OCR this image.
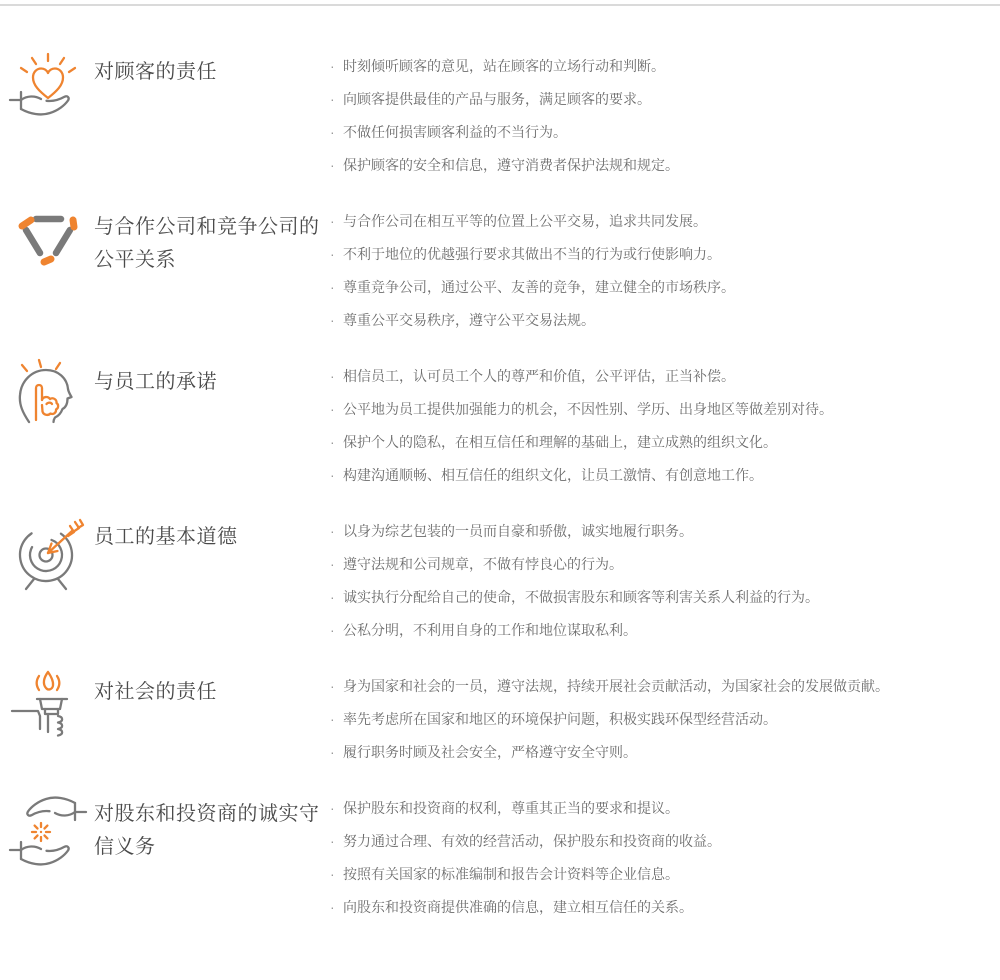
对顾客的责任	· 时刻倾听顾客的意见，站在顾客的立场行动和判断。
· 向顾客提供最佳的产品与服务，满足顾客的要求。
· 不做任何损害顾客利益的不当行为。
· 保护顾客的安全和信息，遵守消费者保护法规和规定。
与合作公司和竞争公司的公平关系
· 与合作公司在相互平等的位置上公平交易，追求共同发展。
· 不利于地位的优越强行要求其做出不当的行为或行使影响力。
· 尊重竞争公司，通过公平、友善的竞争，建立健全的市场秩序。
· 尊重公平交易秩序，遵守公平交易法规。
与员工的承诺	· 相信员工，认可员工个人的尊严和价值，公平评估，正当补偿。
· 公平地为员工提供加强能力的机会，不因性别、学历、出身地区等做差别对待。
· 保护个人的隐私，在相互信任和理解的基础上，建立成熟的组织文化。
· 构建沟通顺畅、相互信任的组织文化，让员工激情、有创意地工作。
员工的基本道德	· 以身为综艺包装的一员而自豪和骄傲，诚实地履行职务。
· 遵守法规和公司规章，不做有悖良心的行为。
· 诚实执行分配给自己的使命，不做损害股东和顾客等利害关系人利益的行为。
· 公私分明，不利用自身的工作和地位谋取私利。
对社会的责任	· 身为国家和社会的一员，遵守法规，持续开展社会贡献活动，为国家社会的发展做贡献。
· 率先考虑所在国家和地区的环境保护问题，积极实践环保型经营活动。
· 履行职务时顾及社会安全，严格遵守安全守则。
对股东和投资商的诚实守信义务
· 保护股东和投资商的权利，尊重其正当的要求和提议。
· 努力通过合理、有效的经营活动，保护股东和投资商的收益。
· 按照有关国家的标准编制和报告会计资料等企业信息。
· 向股东和投资商提供准确的信息，建立相互信任的关系。
